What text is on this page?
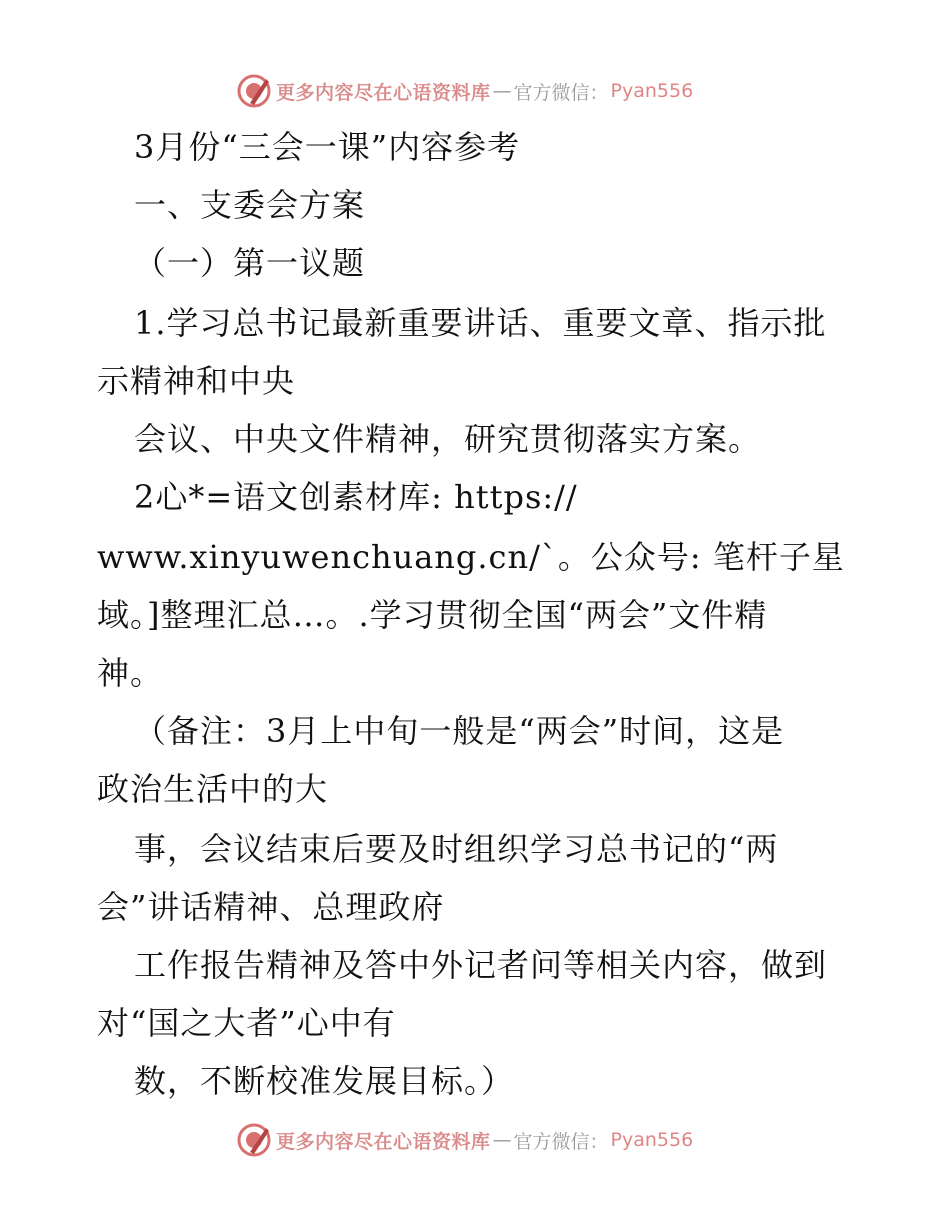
更多内容尽在心语资料库 — 官方微信： Pyan556
3月份“三会一课”内容参考
一、支委会方案
（一）第一议题
1.学习总书记最新重要讲话、重要文章、指示批
示精神和中央
会议、中央文件精神，研究贯彻落实方案。
2心*=语文创素材库: https://
www.xinyuwenchuang.cn/`。公众号: 笔杆子星
域。]整理汇总…。.学习贯彻全国“两会”文件精
神。
（备注：3月上中旬一般是“两会”时间，这是
政治生活中的大
事，会议结束后要及时组织学习总书记的“两
会”讲话精神、总理政府
工作报告精神及答中外记者问等相关内容，做到
对“国之大者”心中有
数，不断校准发展目标。）
更多内容尽在心语资料库 — 官方微信： Pyan556
